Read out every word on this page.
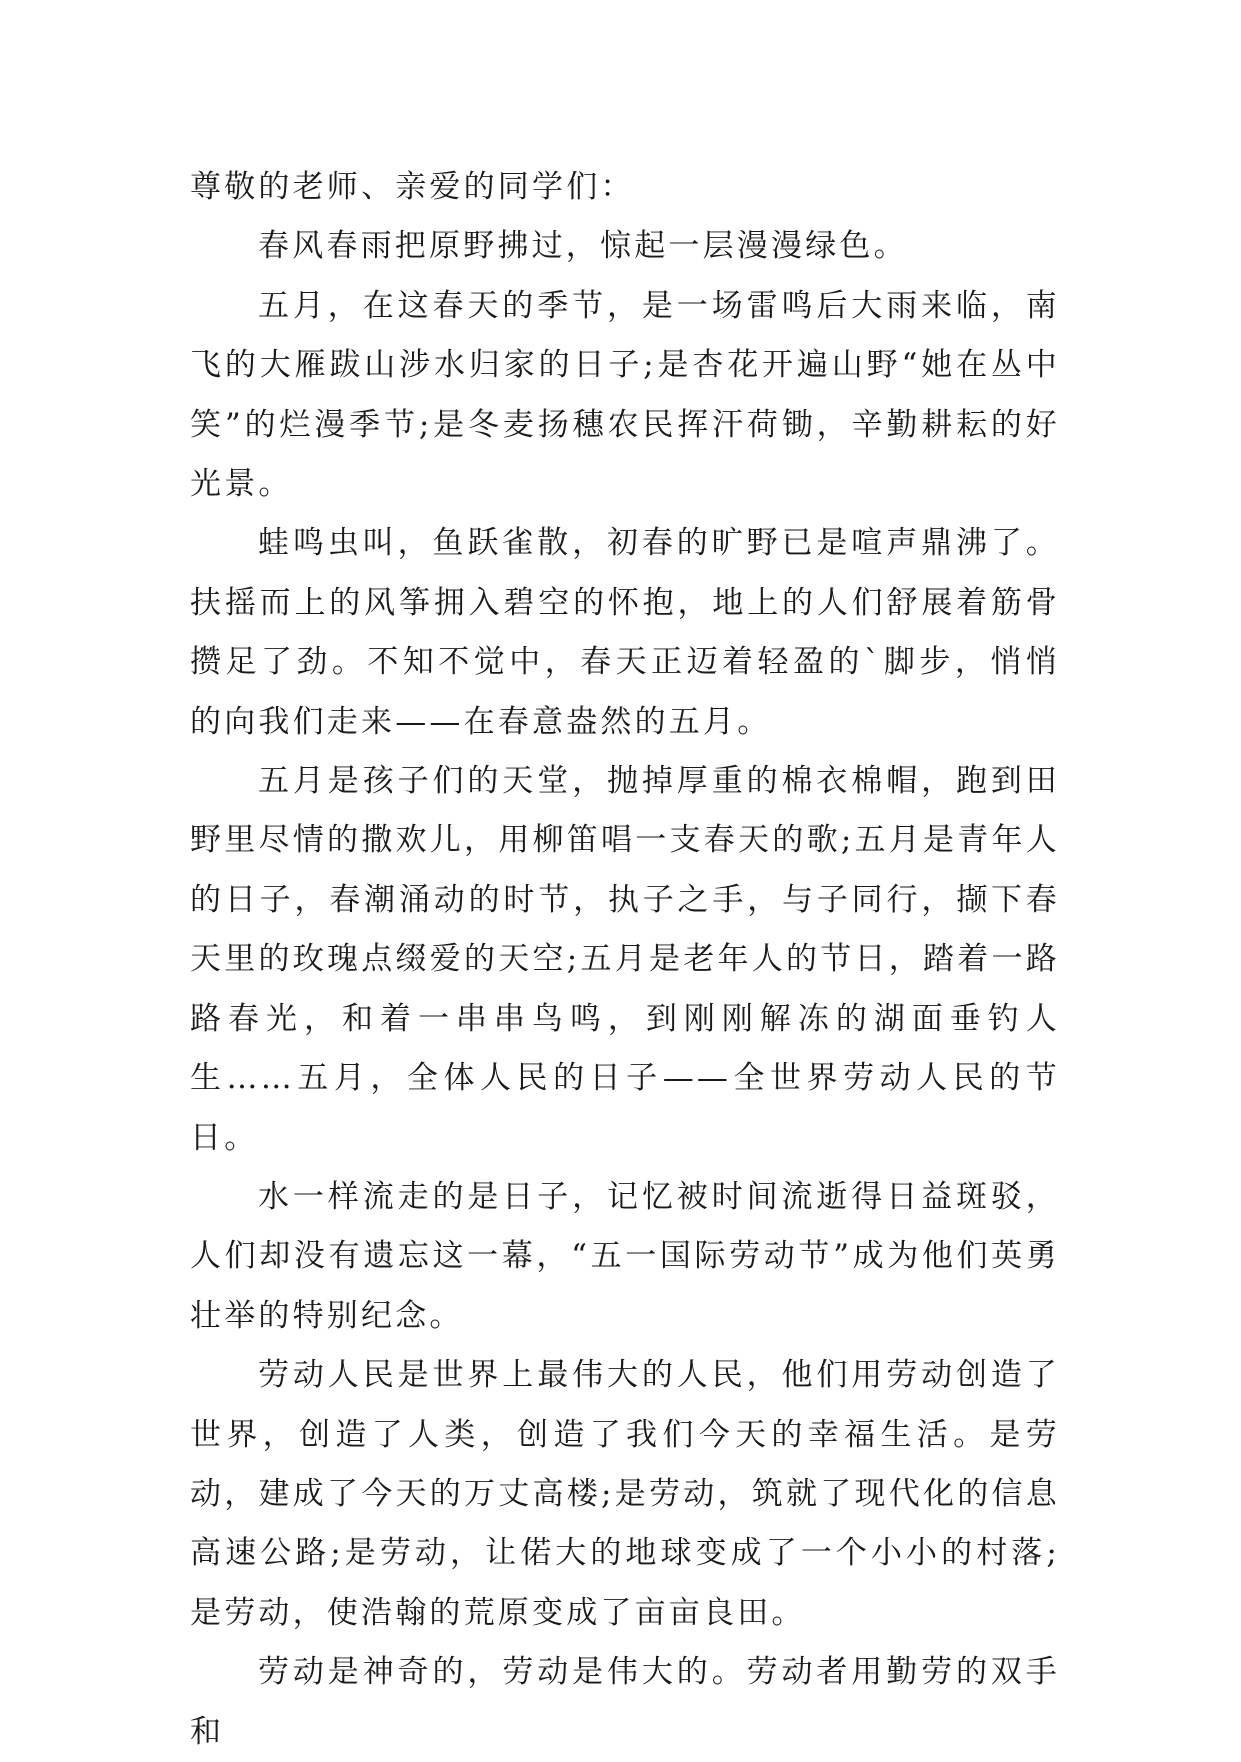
尊敬的老师、亲爱的同学们：

春风春雨把原野拂过，惊起一层漫漫绿色。

五月，在这春天的季节，是一场雷鸣后大雨来临，南飞的大雁跋山涉水归家的日子;是杏花开遍山野“她在丛中笑”的烂漫季节;是冬麦扬穗农民挥汗荷锄，辛勤耕耘的好光景。

蛙鸣虫叫，鱼跃雀散，初春的旷野已是喧声鼎沸了。扶摇而上的风筝拥入碧空的怀抱，地上的人们舒展着筋骨攒足了劲。不知不觉中，春天正迈着轻盈的`脚步，悄悄的向我们走来——在春意盎然的五月。

五月是孩子们的天堂，抛掉厚重的棉衣棉帽，跑到田野里尽情的撒欢儿，用柳笛唱一支春天的歌;五月是青年人的日子，春潮涌动的时节，执子之手，与子同行，撷下春天里的玫瑰点缀爱的天空;五月是老年人的节日，踏着一路路春光，和着一串串鸟鸣，到刚刚解冻的湖面垂钓人生……五月，全体人民的日子——全世界劳动人民的节日。

水一样流走的是日子，记忆被时间流逝得日益斑驳，人们却没有遗忘这一幕，“五一国际劳动节”成为他们英勇壮举的特别纪念。

劳动人民是世界上最伟大的人民，他们用劳动创造了世界，创造了人类，创造了我们今天的幸福生活。是劳动，建成了今天的万丈高楼;是劳动，筑就了现代化的信息高速公路;是劳动，让偌大的地球变成了一个小小的村落;是劳动，使浩翰的荒原变成了亩亩良田。

劳动是神奇的，劳动是伟大的。劳动者用勤劳的双手和
